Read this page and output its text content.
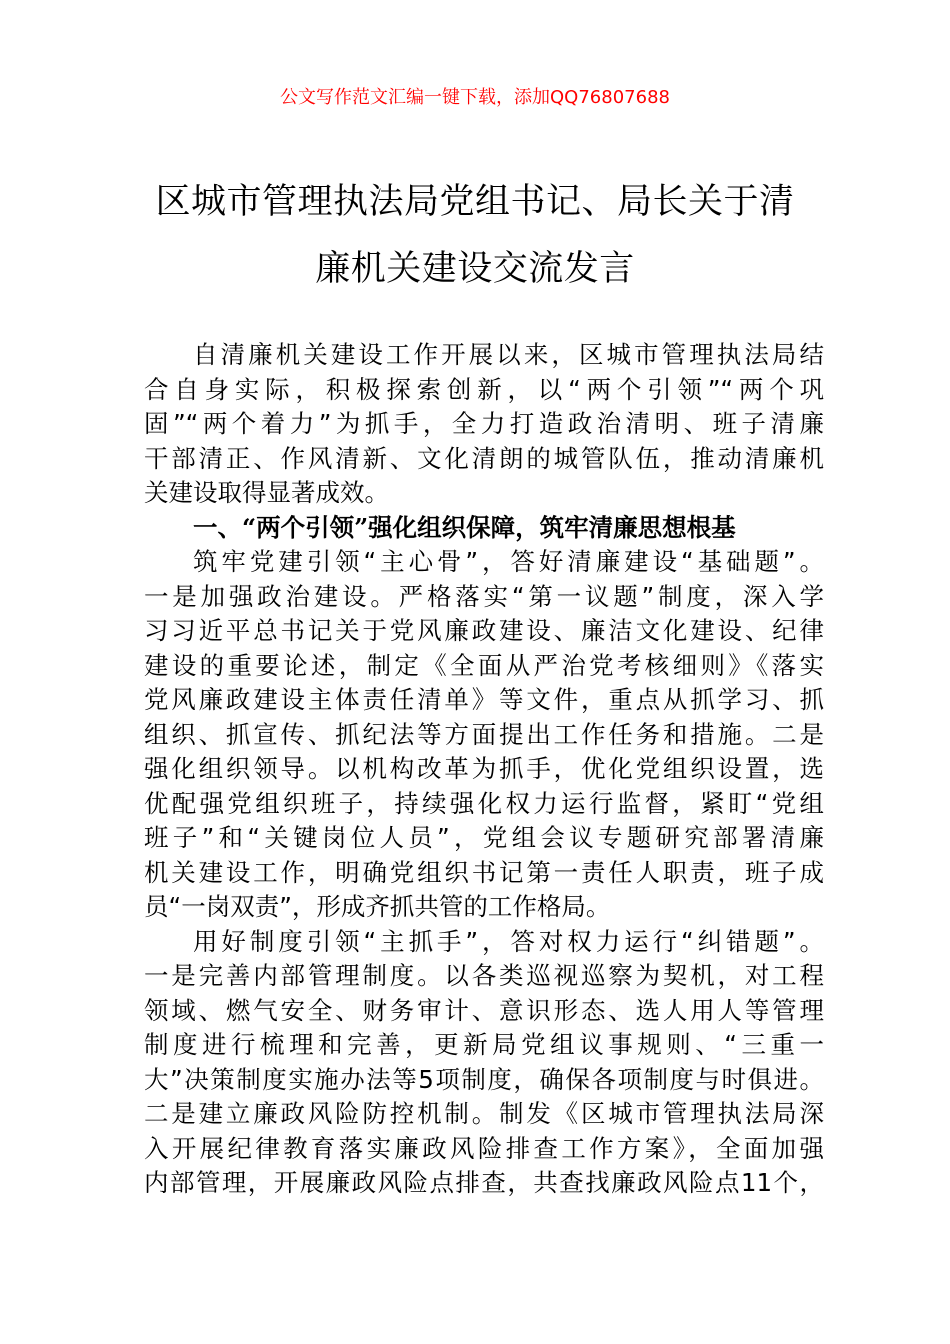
公文写作范文汇编一键下载，添加QQ76807688
区城市管理执法局党组书记、局长关于清
廉机关建设交流发言
自清廉机关建设工作开展以来，区城市管理执法局结
合自身实际，积极探索创新，以“两个引领”“两个巩
固”“两个着力”为抓手，全力打造政治清明、班子清廉
干部清正、作风清新、文化清朗的城管队伍，推动清廉机
关建设取得显著成效。
一、“两个引领”强化组织保障，筑牢清廉思想根基
筑牢党建引领“主心骨”，答好清廉建设“基础题”。
一是加强政治建设。严格落实“第一议题”制度，深入学
习习近平总书记关于党风廉政建设、廉洁文化建设、纪律
建设的重要论述，制定《全面从严治党考核细则》《落实
党风廉政建设主体责任清单》等文件，重点从抓学习、抓
组织、抓宣传、抓纪法等方面提出工作任务和措施。二是
强化组织领导。以机构改革为抓手，优化党组织设置，选
优配强党组织班子，持续强化权力运行监督，紧盯“党组
班子”和“关键岗位人员”，党组会议专题研究部署清廉
机关建设工作，明确党组织书记第一责任人职责，班子成
员“一岗双责”，形成齐抓共管的工作格局。
用好制度引领“主抓手”，答对权力运行“纠错题”。
一是完善内部管理制度。以各类巡视巡察为契机，对工程
领域、燃气安全、财务审计、意识形态、选人用人等管理
制度进行梳理和完善，更新局党组议事规则、“三重一
大”决策制度实施办法等5项制度，确保各项制度与时俱进。
二是建立廉政风险防控机制。制发《区城市管理执法局深
入开展纪律教育落实廉政风险排查工作方案》，全面加强
内部管理，开展廉政风险点排查，共查找廉政风险点11个，
